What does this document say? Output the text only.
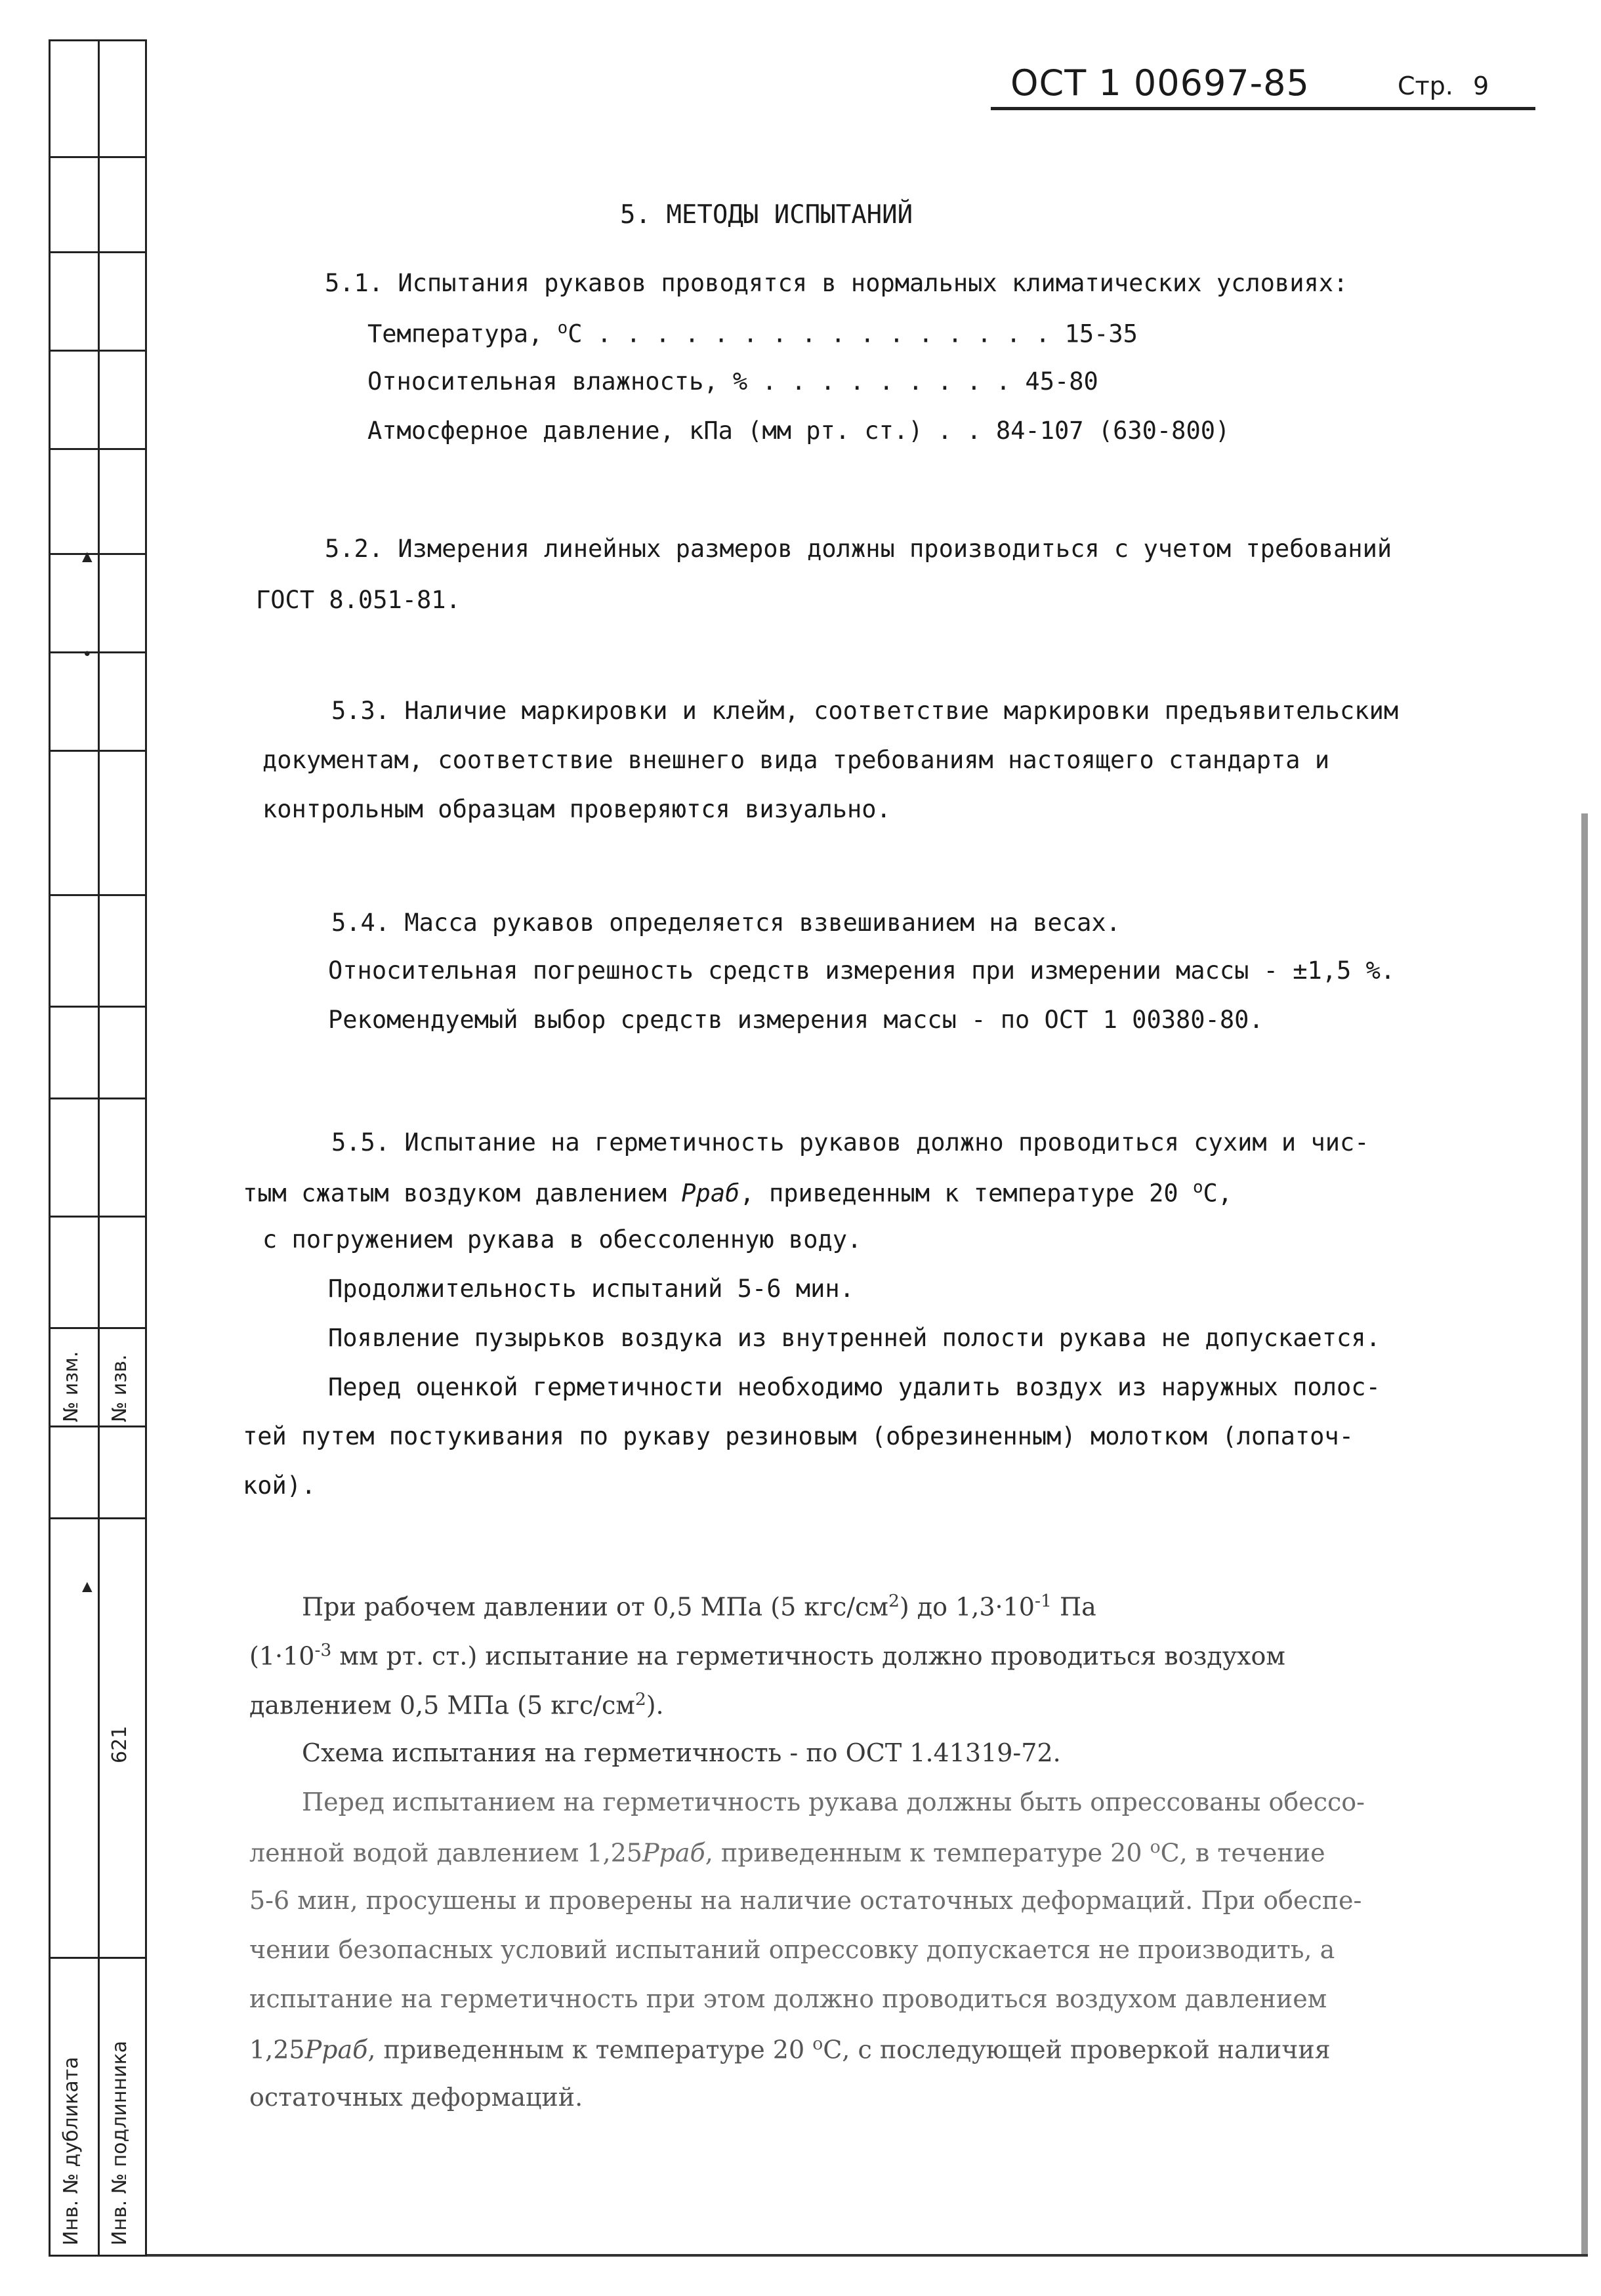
▲
•
▲
№ изм. № изв.
621
Инв. № дубликата Инв. № подлинника
ОСТ 1 00697-85	Стр. 9
5. МЕТОДЫ ИСПЫТАНИЙ
5.1. Испытания рукавов проводятся в нормальных климатических условиях:
Температура, $^o$С . . . . . . . . . . . . . . . . 15-35
Относительная влажность, % . . . . . . . . . 45-80
Атмосферное давление, кПа (мм рт. ст.) . . 84-107 (630-800)
5.2. Измерения линейных размеров должны производиться с учетом требований
ГОСТ 8.051-81.
5.3. Наличие маркировки и клейм, соответствие маркировки предъявительским
документам, соответствие внешнего вида требованиям настоящего стандарта и
контрольным образцам проверяются визуально.
5.4. Масса рукавов определяется взвешиванием на весах.
Относительная погрешность средств измерения при измерении массы - ±1,5 %.
Рекомендуемый выбор средств измерения массы - по ОСТ 1 00380-80.
5.5. Испытание на герметичность рукавов должно проводиться сухим и чис-
тым сжатым воздуком давлением Pраб, приведенным к температуре 20 $^o$С,
с погружением рукава в обессоленную воду.
Продолжительность испытаний 5-6 мин.
Появление пузырьков воздука из внутренней полости рукава не допускается.
Перед оценкой герметичности необходимо удалить воздух из наружных полос-
тей путем постукивания по рукаву резиновым (обрезиненным) молотком (лопаточ-
кой).
При рабочем давлении от 0,5 МПа (5 кгс/$см^2$) до $1,3\cdot 10^{-1}$ Па
($1\cdot 10^{-3}$ мм рт. ст.) испытание на герметичность должно проводиться воздухом
давлением 0,5 МПа (5 кгс/$см^2$).
Схема испытания на герметичность - по ОСТ 1.41319-72.
Перед испытанием на герметичность рукава должны быть опрессованы обессо-
ленной водой давлением 1,25Pраб, приведенным к температуре 20 $^o$С, в течение
5-6 мин, просушены и проверены на наличие остаточных деформаций. При обеспе-
чении безопасных условий испытаний опрессовку допускается не производить, а
испытание на герметичность при этом должно проводиться воздухом давлением
1,25Pраб, приведенным к температуре 20 $^o$С, с последующей проверкой наличия
остаточных деформаций.
